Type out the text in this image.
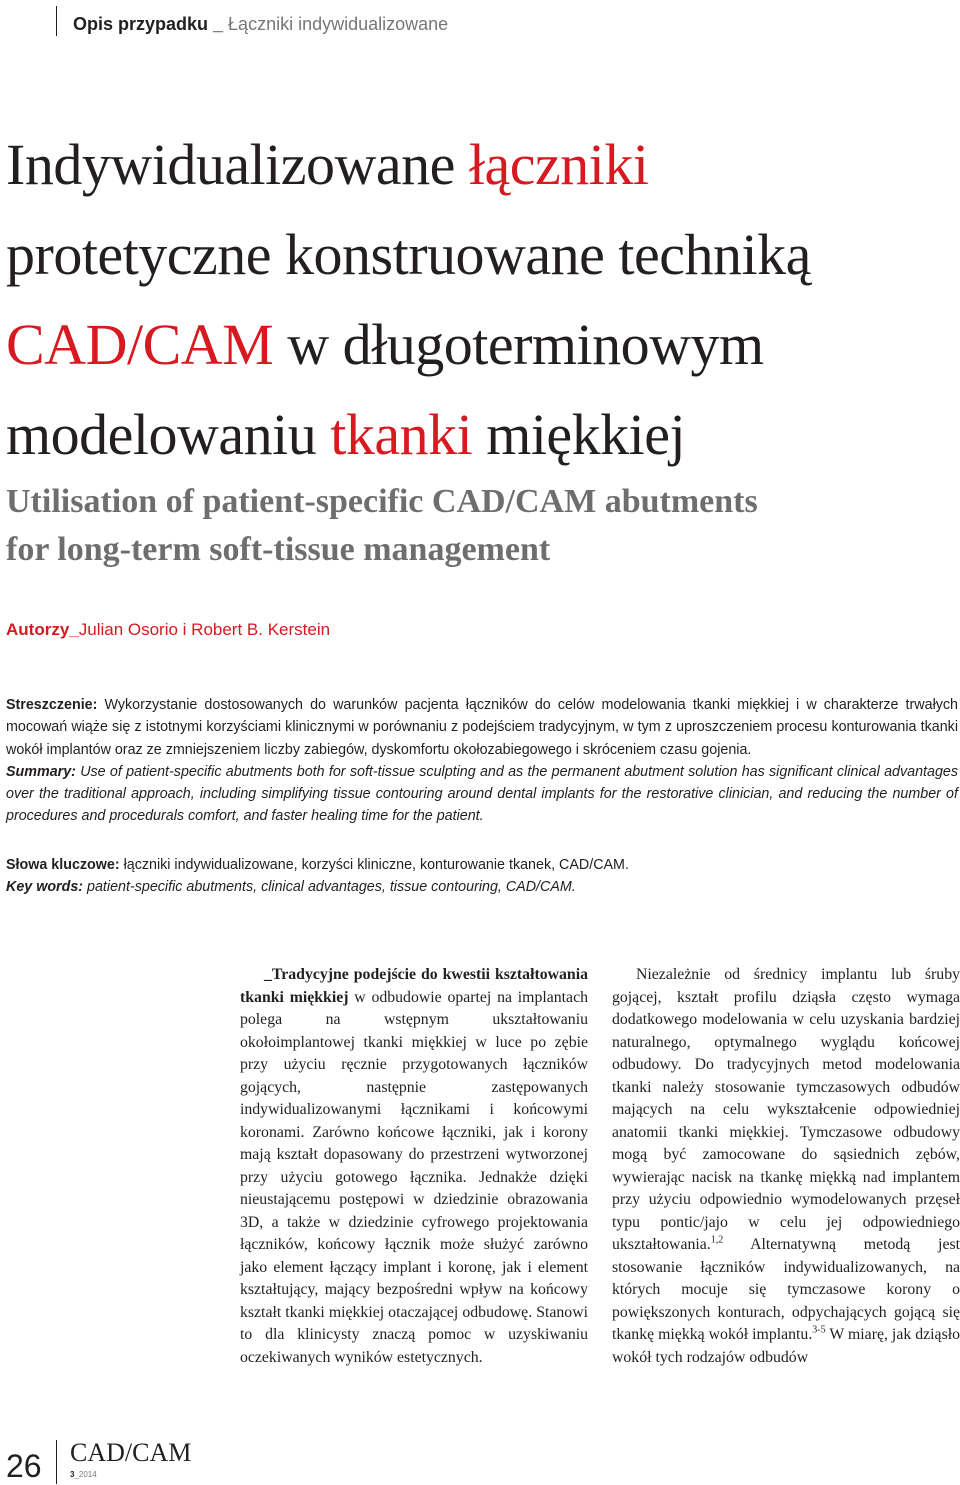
Opis przypadku _ Łączniki indywidualizowane
Indywidualizowane łączniki
protetyczne konstruowane techniką
CAD/CAM w długoterminowym
modelowaniu tkanki miękkiej
Utilisation of patient-specific CAD/CAM abutments
for long-term soft-tissue management
Autorzy_Julian Osorio i Robert B. Kerstein

Streszczenie: Wykorzystanie dostosowanych do warunków pacjenta łączników do celów modelowania tkanki miękkiej i w charakterze trwałych mocowań wiąże się z istotnymi korzyściami klinicznymi w porównaniu z podejściem tradycyjnym, w tym z uproszczeniem procesu konturowania tkanki wokół implantów oraz ze zmniejszeniem liczby zabiegów, dyskomfortu okołozabiegowego i skróceniem czasu gojenia.

Summary: Use of patient-specific abutments both for soft-tissue sculpting and as the permanent abutment solution has significant clinical advantages over the traditional approach, including simplifying tissue contouring around dental implants for the restorative clinician, and reducing the number of procedures and procedurals comfort, and faster healing time for the patient.

Słowa kluczowe: łączniki indywidualizowane, korzyści kliniczne, konturowanie tkanek, CAD/CAM.

Key words: patient-specific abutments, clinical advantages, tissue contouring, CAD/CAM.

_Tradycyjne podejście do kwestii kształtowania tkanki miękkiej w odbudowie opartej na implantach polega na wstępnym ukształtowaniu okołoimplantowej tkanki miękkiej w luce po zębie przy użyciu ręcznie przygotowanych łączników gojących, następnie zastępowanych indywidualizowanymi łącznikami i końcowymi koronami. Zarówno końcowe łączniki, jak i korony mają kształt dopasowany do przestrzeni wytworzonej przy użyciu gotowego łącznika. Jednakże dzięki nieustającemu postępowi w dziedzinie obrazowania 3D, a także w dziedzinie cyfrowego projektowania łączników, końcowy łącznik może służyć zarówno jako element łączący implant i koronę, jak i element kształtujący, mający bezpośredni wpływ na końcowy kształt tkanki miękkiej otaczającej odbudowę. Stanowi to dla klinicysty znaczą pomoc w uzyskiwaniu oczekiwanych wyników estetycznych.

Niezależnie od średnicy implantu lub śruby gojącej, kształt profilu dziąsła często wymaga dodatkowego modelowania w celu uzyskania bardziej naturalnego, optymalnego wyglądu końcowej odbudowy. Do tradycyjnych metod modelowania tkanki należy stosowanie tymczasowych odbudów mających na celu wykształcenie odpowiedniej anatomii tkanki miękkiej. Tymczasowe odbudowy mogą być zamocowane do sąsiednich zębów, wywierając nacisk na tkankę miękką nad implantem przy użyciu odpowiednio wymodelowanych przęseł typu pontic/jajo w celu jej odpowiedniego ukształtowania.$^{1,2}$ Alternatywną metodą jest stosowanie łączników indywidualizowanych, na których mocuje się tymczasowe korony o powiększonych konturach, odpychających gojącą się tkankę miękką wokół implantu.$^{3-5}$ W miarę, jak dziąsło wokół tych rodzajów odbudów

26 CAD/CAM
3_2014
